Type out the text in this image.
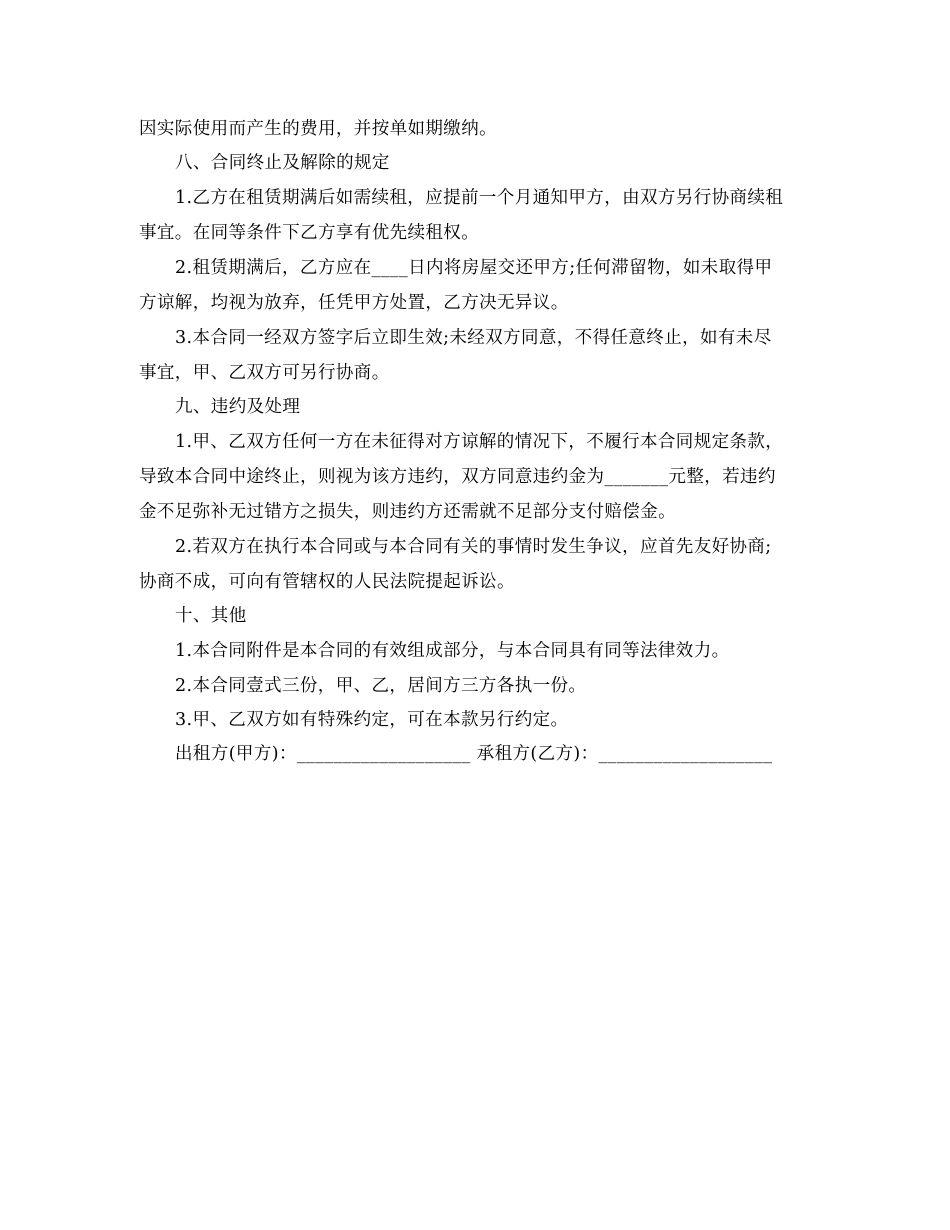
因实际使用而产生的费用，并按单如期缴纳。
八、合同终止及解除的规定
1.乙方在租赁期满后如需续租，应提前一个月通知甲方，由双方另行协商续租
事宜。在同等条件下乙方享有优先续租权。
2.租赁期满后，乙方应在____日内将房屋交还甲方;任何滞留物，如未取得甲
方谅解，均视为放弃，任凭甲方处置，乙方决无异议。
3.本合同一经双方签字后立即生效;未经双方同意，不得任意终止，如有未尽
事宜，甲、乙双方可另行协商。
九、违约及处理
1.甲、乙双方任何一方在未征得对方谅解的情况下，不履行本合同规定条款，
导致本合同中途终止，则视为该方违约，双方同意违约金为_______元整，若违约
金不足弥补无过错方之损失，则违约方还需就不足部分支付赔偿金。
2.若双方在执行本合同或与本合同有关的事情时发生争议，应首先友好协商;
协商不成，可向有管辖权的人民法院提起诉讼。
十、其他
1.本合同附件是本合同的有效组成部分，与本合同具有同等法律效力。
2.本合同壹式三份，甲、乙，居间方三方各执一份。
3.甲、乙双方如有特殊约定，可在本款另行约定。
出租方(甲方)：___________________ 承租方(乙方)：___________________
